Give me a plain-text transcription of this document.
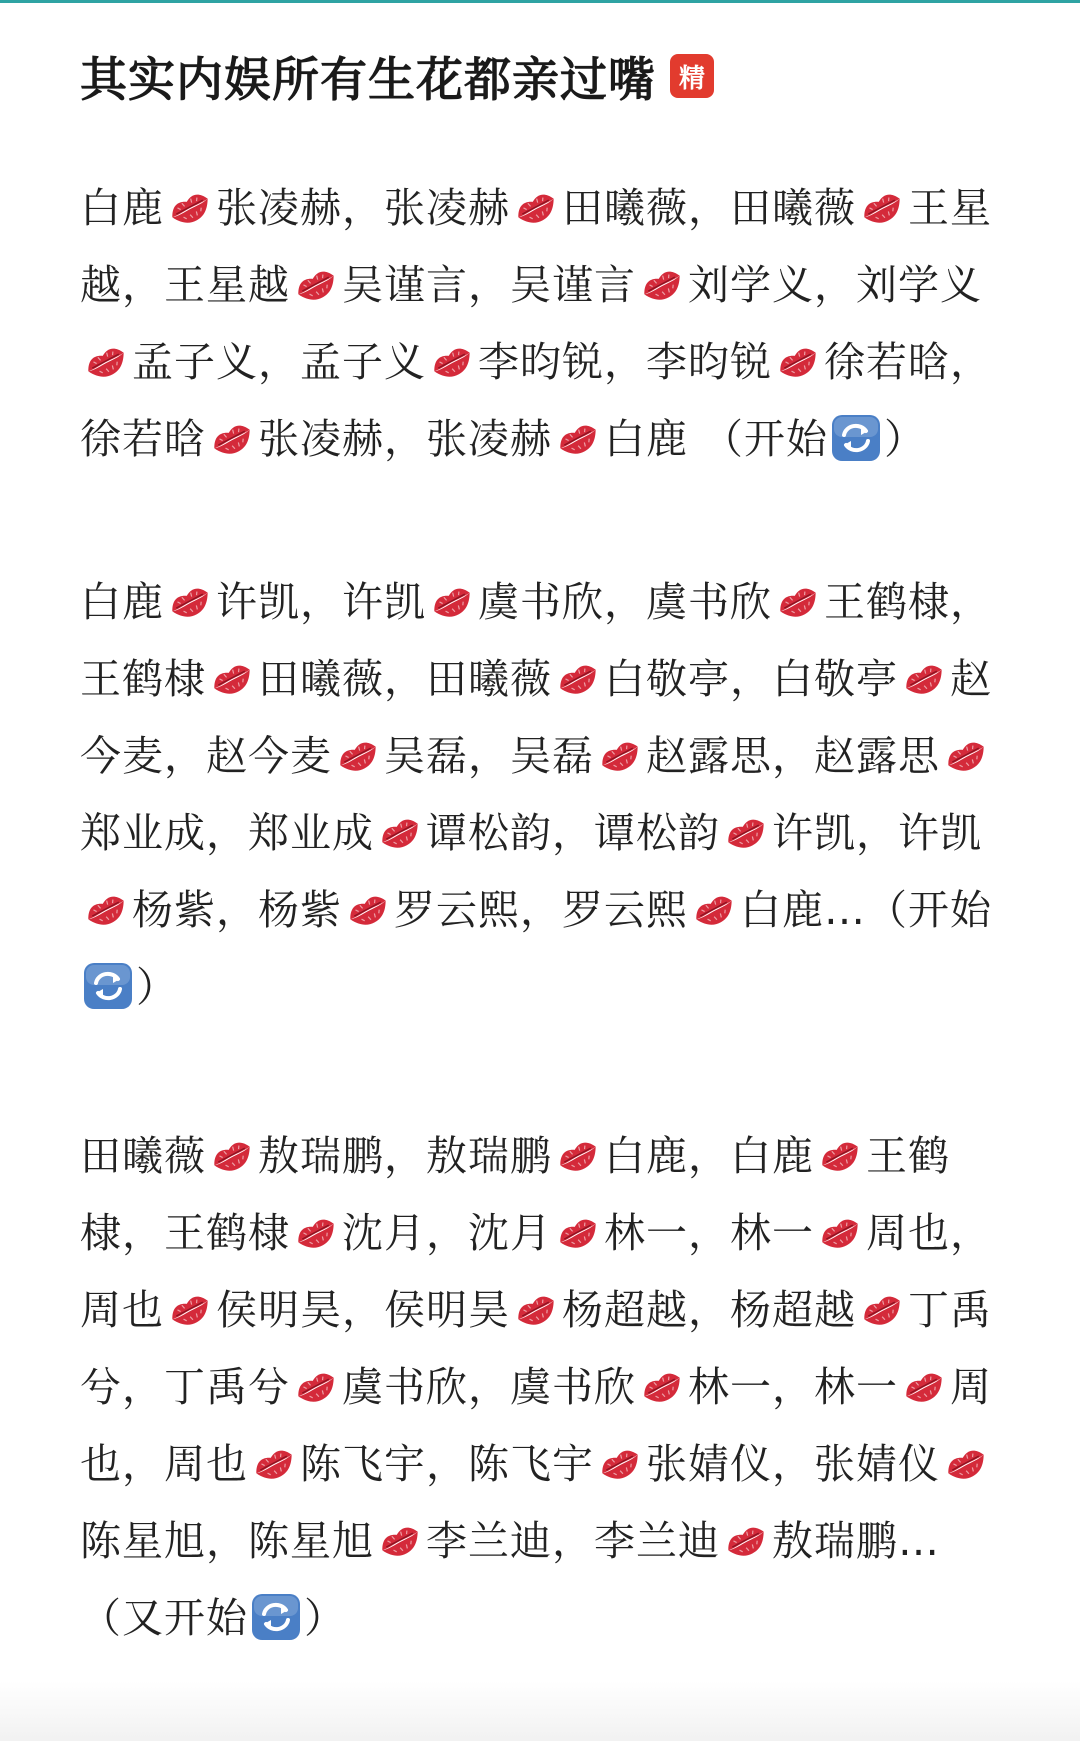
其实内娱所有生花都亲过嘴 精
白鹿 张凌赫，张凌赫 田曦薇，田曦薇 王星越，王星越 吴谨言，吴谨言 刘学义，刘学义孟子义，孟子义 李昀锐，李昀锐 徐若晗，徐若晗 张凌赫，张凌赫 白鹿 （开始 ）
白鹿 许凯，许凯 虞书欣，虞书欣 王鹤棣，王鹤棣 田曦薇，田曦薇 白敬亭，白敬亭 赵今麦，赵今麦 吴磊，吴磊 赵露思，赵露思郑业成，郑业成 谭松韵，谭松韵 许凯，许凯杨紫，杨紫 罗云熙，罗云熙 白鹿…（开始）
田曦薇 敖瑞鹏，敖瑞鹏 白鹿，白鹿 王鹤棣，王鹤棣 沈月，沈月 林一，林一 周也，周也 侯明昊，侯明昊 杨超越，杨超越 丁禹兮，丁禹兮 虞书欣，虞书欣 林一，林一 周也，周也 陈飞宇，陈飞宇 张婧仪，张婧仪陈星旭，陈星旭 李兰迪，李兰迪 敖瑞鹏…（又开始 ）
